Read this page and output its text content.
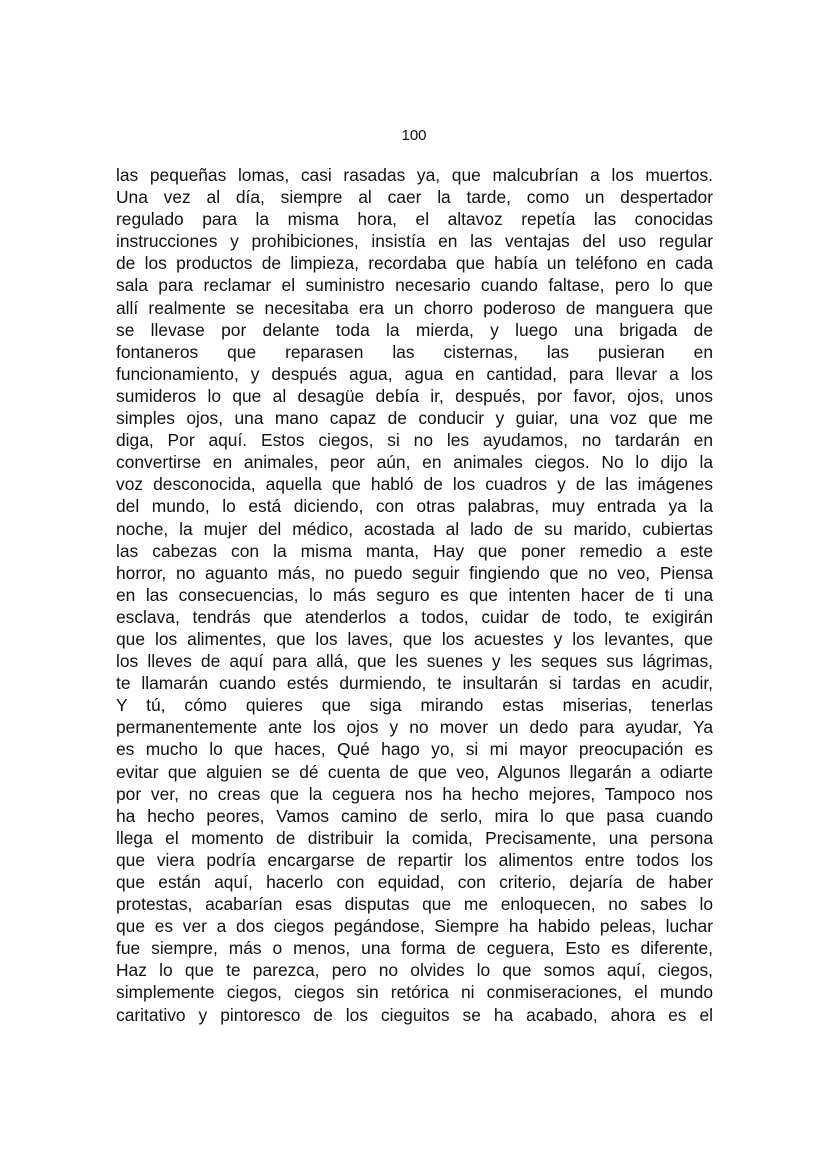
100
las pequeñas lomas, casi rasadas ya, que malcubrían a los muertos.
Una vez al día, siempre al caer la tarde, como un despertador
regulado para la misma hora, el altavoz repetía las conocidas
instrucciones y prohibiciones, insistía en las ventajas del uso regular
de los productos de limpieza, recordaba que había un teléfono en cada
sala para reclamar el suministro necesario cuando faltase, pero lo que
allí realmente se necesitaba era un chorro poderoso de manguera que
se llevase por delante toda la mierda, y luego una brigada de
fontaneros que reparasen las cisternas, las pusieran en
funcionamiento, y después agua, agua en cantidad, para llevar a los
sumideros lo que al desagüe debía ir, después, por favor, ojos, unos
simples ojos, una mano capaz de conducir y guiar, una voz que me
diga, Por aquí. Estos ciegos, si no les ayudamos, no tardarán en
convertirse en animales, peor aún, en animales ciegos. No lo dijo la
voz desconocida, aquella que habló de los cuadros y de las imágenes
del mundo, lo está diciendo, con otras palabras, muy entrada ya la
noche, la mujer del médico, acostada al lado de su marido, cubiertas
las cabezas con la misma manta, Hay que poner remedio a este
horror, no aguanto más, no puedo seguir fingiendo que no veo, Piensa
en las consecuencias, lo más seguro es que intenten hacer de ti una
esclava, tendrás que atenderlos a todos, cuidar de todo, te exigirán
que los alimentes, que los laves, que los acuestes y los levantes, que
los lleves de aquí para allá, que les suenes y les seques sus lágrimas,
te llamarán cuando estés durmiendo, te insultarán si tardas en acudir,
Y tú, cómo quieres que siga mirando estas miserias, tenerlas
permanentemente ante los ojos y no mover un dedo para ayudar, Ya
es mucho lo que haces, Qué hago yo, si mi mayor preocupación es
evitar que alguien se dé cuenta de que veo, Algunos llegarán a odiarte
por ver, no creas que la ceguera nos ha hecho mejores, Tampoco nos
ha hecho peores, Vamos camino de serlo, mira lo que pasa cuando
llega el momento de distribuir la comida, Precisamente, una persona
que viera podría encargarse de repartir los alimentos entre todos los
que están aquí, hacerlo con equidad, con criterio, dejaría de haber
protestas, acabarían esas disputas que me enloquecen, no sabes lo
que es ver a dos ciegos pegándose, Siempre ha habido peleas, luchar
fue siempre, más o menos, una forma de ceguera, Esto es diferente,
Haz lo que te parezca, pero no olvides lo que somos aquí, ciegos,
simplemente ciegos, ciegos sin retórica ni conmiseraciones, el mundo
caritativo y pintoresco de los cieguitos se ha acabado, ahora es el
